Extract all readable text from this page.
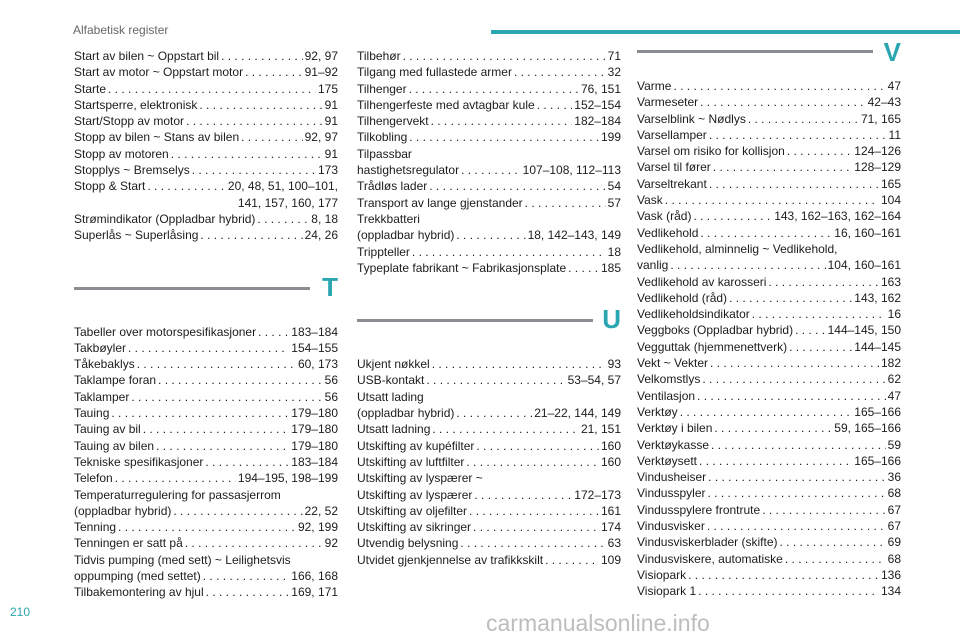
Alfabetisk register
Start av bilen ~ Oppstart bil . . .	92, 97
Start av motor ~ Oppstart motor . . .	91–92
Starte . . .	175
Startsperre, elektronisk . . .	91
Start/Stopp av motor . . .	91
Stopp av bilen ~ Stans av bilen . . .	92, 97
Stopp av motoren . . .	91
Stopplys ~ Bremselys . . .	173
Stopp & Start . . .	20, 48, 51, 100–101,
141, 157, 160, 177
Strømindikator (Oppladbar hybrid) . . .	8, 18
Superlås ~ Superlåsing . . .	24, 26
T
Tabeller over motorspesifikasjoner . . .	183–184
Takbøyler . . .	154–155
Tåkebaklys . . .	60, 173
Taklampe foran . . .	56
Taklamper . . .	56
Tauing . . .	179–180
Tauing av bil . . .	179–180
Tauing av bilen . . .	179–180
Tekniske spesifikasjoner . . .	183–184
Telefon . . .	194–195, 198–199
Temperaturregulering for passasjerrom
(oppladbar hybrid) . . .	22, 52
Tenning . . .	92, 199
Tenningen er satt på . . .	92
Tidvis pumping (med sett) ~ Leilighetsvis
oppumping (med settet) . . .	166, 168
Tilbakemontering av hjul . . .	169, 171
Tilbehør . . .	71
Tilgang med fullastede armer . . .	32
Tilhenger . . .	76, 151
Tilhengerfeste med avtagbar kule . . .	152–154
Tilhengervekt . . .	182–184
Tilkobling . . .	199
Tilpassbar
hastighetsregulator . . .	107–108, 112–113
Trådløs lader . . .	54
Transport av lange gjenstander . . .	57
Trekkbatteri
(oppladbar hybrid) . . .	18, 142–143, 149
Trippteller . . .	18
Typeplate fabrikant ~ Fabrikasjonsplate . . .	185
U
Ukjent nøkkel . . .	93
USB-kontakt . . .	53–54, 57
Utsatt lading
(oppladbar hybrid) . . .	21–22, 144, 149
Utsatt ladning . . .	21, 151
Utskifting av kupéfilter . . .	160
Utskifting av luftfilter . . .	160
Utskifting av lyspærer ~
Utskifting av lyspærer . . .	172–173
Utskifting av oljefilter . . .	161
Utskifting av sikringer . . .	174
Utvendig belysning . . .	63
Utvidet gjenkjennelse av trafikkskilt . . .	109
V
Varme . . .	47
Varmeseter . . .	42–43
Varselblink ~ Nødlys . . .	71, 165
Varsellamper . . .	11
Varsel om risiko for kollisjon . . .	124–126
Varsel til fører . . .	128–129
Varseltrekant . . .	165
Vask . . .	104
Vask (råd) . . .	143, 162–163, 162–164
Vedlikehold . . .	16, 160–161
Vedlikehold, alminnelig ~ Vedlikehold,
vanlig . . .	104, 160–161
Vedlikehold av karosseri . . .	163
Vedlikehold (råd) . . .	143, 162
Vedlikeholdsindikator . . .	16
Veggboks (Oppladbar hybrid) . . .	144–145, 150
Vegguttak (hjemmenettverk) . . .	144–145
Vekt ~ Vekter . . .	182
Velkomstlys . . .	62
Ventilasjon . . .	47
Verktøy . . .	165–166
Verktøy i bilen . . .	59, 165–166
Verktøykasse . . .	59
Verktøysett . . .	165–166
Vindusheiser . . .	36
Vindusspyler . . .	68
Vindusspylere frontrute . . .	67
Vindusvisker . . .	67
Vindusviskerblader (skifte) . . .	69
Vindusviskere, automatiske . . .	68
Visiopark . . .	136
Visiopark 1 . . .	134
210	carmanualsonline.info
